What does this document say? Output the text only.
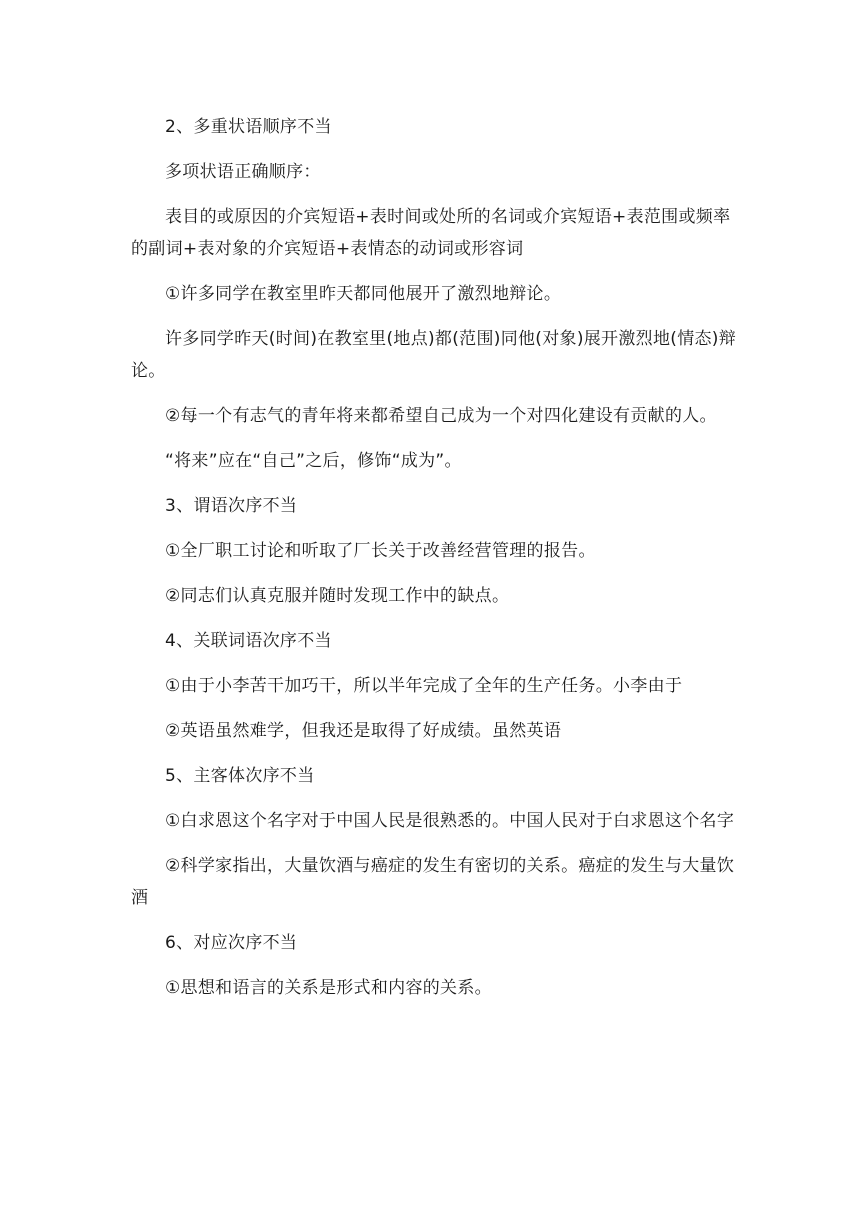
2、多重状语顺序不当

多项状语正确顺序：

表目的或原因的介宾短语+表时间或处所的名词或介宾短语+表范围或频率的副词+表对象的介宾短语+表情态的动词或形容词

①许多同学在教室里昨天都同他展开了激烈地辩论。

许多同学昨天(时间)在教室里(地点)都(范围)同他(对象)展开激烈地(情态)辩论。

②每一个有志气的青年将来都希望自己成为一个对四化建设有贡献的人。

“将来”应在“自己”之后，修饰“成为”。

3、谓语次序不当

①全厂职工讨论和听取了厂长关于改善经营管理的报告。

②同志们认真克服并随时发现工作中的缺点。

4、关联词语次序不当

①由于小李苦干加巧干，所以半年完成了全年的生产任务。小李由于

②英语虽然难学，但我还是取得了好成绩。虽然英语

5、主客体次序不当

①白求恩这个名字对于中国人民是很熟悉的。中国人民对于白求恩这个名字

②科学家指出，大量饮酒与癌症的发生有密切的关系。癌症的发生与大量饮酒

6、对应次序不当

①思想和语言的关系是形式和内容的关系。
